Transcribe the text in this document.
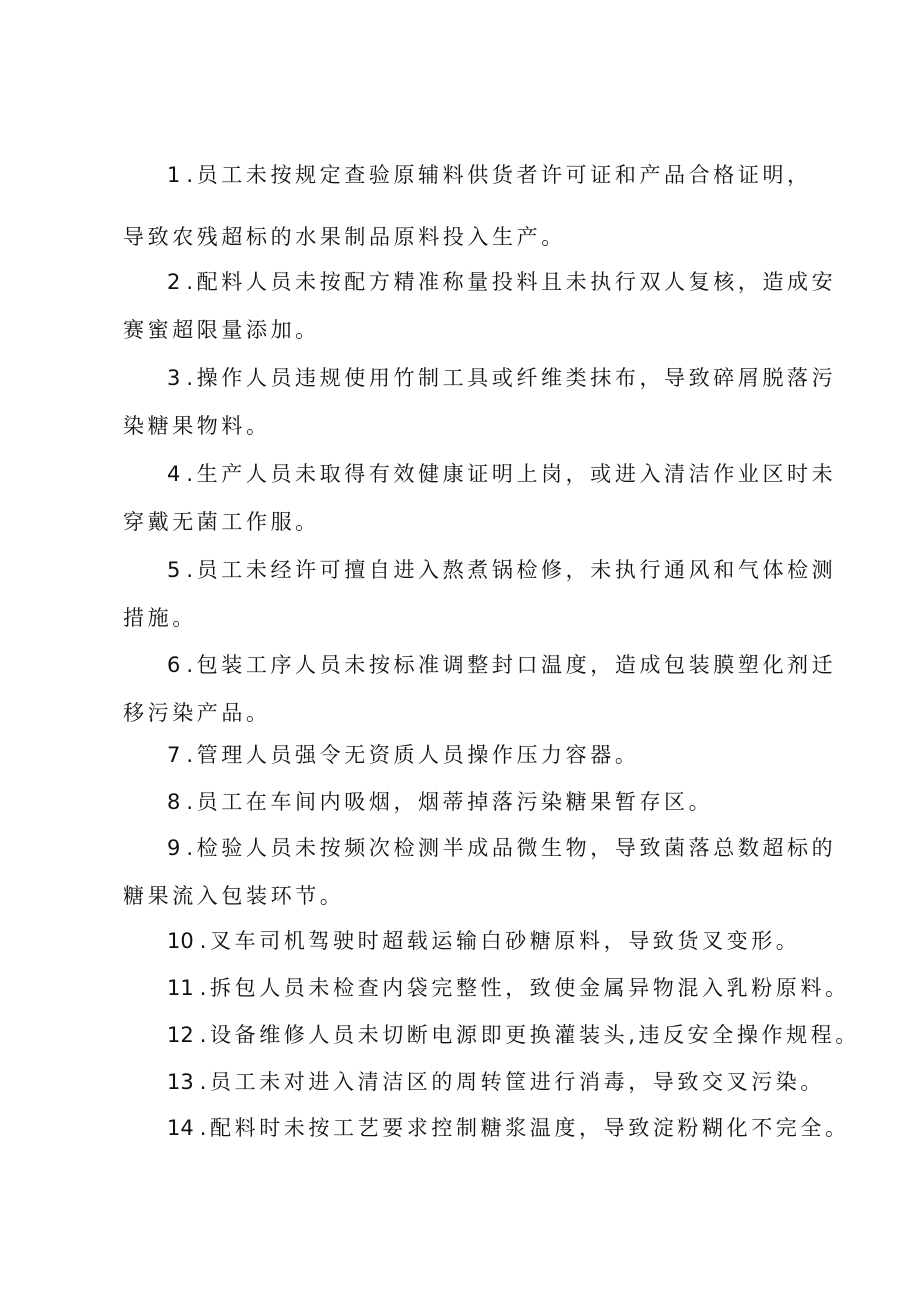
1 .员工未按规定查验原辅料供货者许可证和产品合格证明，
导致农残超标的水果制品原料投入生产。
2 .配料人员未按配方精准称量投料且未执行双人复核，造成安
赛蜜超限量添加。
3 .操作人员违规使用竹制工具或纤维类抹布，导致碎屑脱落污
染糖果物料。
4 .生产人员未取得有效健康证明上岗，或进入清洁作业区时未
穿戴无菌工作服。
5 .员工未经许可擅自进入熬煮锅检修，未执行通风和气体检测
措施。
6 .包装工序人员未按标准调整封口温度，造成包装膜塑化剂迁
移污染产品。
7 .管理人员强令无资质人员操作压力容器。
8 .员工在车间内吸烟，烟蒂掉落污染糖果暂存区。
9 .检验人员未按频次检测半成品微生物，导致菌落总数超标的
糖果流入包装环节。
10 .叉车司机驾驶时超载运输白砂糖原料，导致货叉变形。
11 .拆包人员未检查内袋完整性，致使金属异物混入乳粉原料。
12 .设备维修人员未切断电源即更换灌装头,违反安全操作规程。
13 .员工未对进入清洁区的周转筐进行消毒，导致交叉污染。
14 .配料时未按工艺要求控制糖浆温度，导致淀粉糊化不完全。
